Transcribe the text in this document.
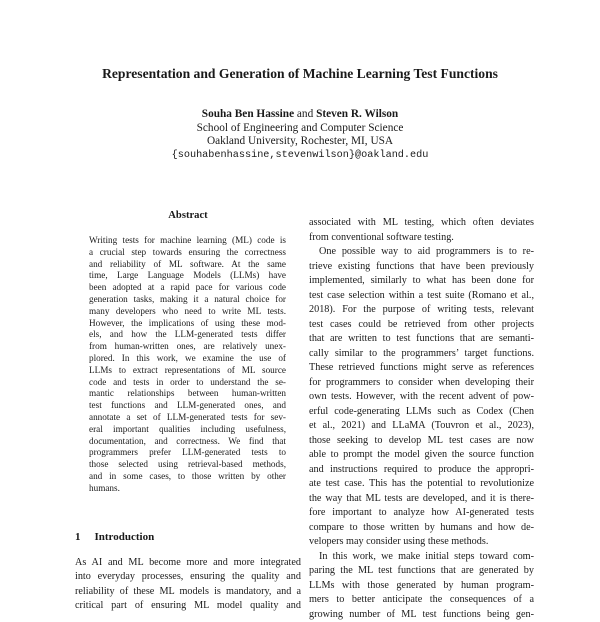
Representation and Generation of Machine Learning Test Functions
Souha Ben Hassine and Steven R. Wilson
School of Engineering and Computer Science
Oakland University, Rochester, MI, USA
{souhabenhassine,stevenwilson}@oakland.edu
Abstract
Writing tests for machine learning (ML) code is
a crucial step towards ensuring the correctness
and reliability of ML software. At the same
time, Large Language Models (LLMs) have
been adopted at a rapid pace for various code
generation tasks, making it a natural choice for
many developers who need to write ML tests.
However, the implications of using these mod-
els, and how the LLM-generated tests differ
from human-written ones, are relatively unex-
plored. In this work, we examine the use of
LLMs to extract representations of ML source
code and tests in order to understand the se-
mantic relationships between human-written
test functions and LLM-generated ones, and
annotate a set of LLM-generated tests for sev-
eral important qualities including usefulness,
documentation, and correctness. We find that
programmers prefer LLM-generated tests to
those selected using retrieval-based methods,
and in some cases, to those written by other
humans.
1 Introduction
As AI and ML become more and more integrated
into everyday processes, ensuring the quality and
reliability of these ML models is mandatory, and a
critical part of ensuring ML model quality and
associated with ML testing, which often deviates
from conventional software testing.
One possible way to aid programmers is to re-
trieve existing functions that have been previously
implemented, similarly to what has been done for
test case selection within a test suite (Romano et al.,
2018). For the purpose of writing tests, relevant
test cases could be retrieved from other projects
that are written to test functions that are semanti-
cally similar to the programmers’ target functions.
These retrieved functions might serve as references
for programmers to consider when developing their
own tests. However, with the recent advent of pow-
erful code-generating LLMs such as Codex (Chen
et al., 2021) and LLaMA (Touvron et al., 2023),
those seeking to develop ML test cases are now
able to prompt the model given the source function
and instructions required to produce the appropri-
ate test case. This has the potential to revolutionize
the way that ML tests are developed, and it is there-
fore important to analyze how AI-generated tests
compare to those written by humans and how de-
velopers may consider using these methods.
In this work, we make initial steps toward com-
paring the ML test functions that are generated by
LLMs with those generated by human program-
mers to better anticipate the consequences of a
growing number of ML test functions being gen-
